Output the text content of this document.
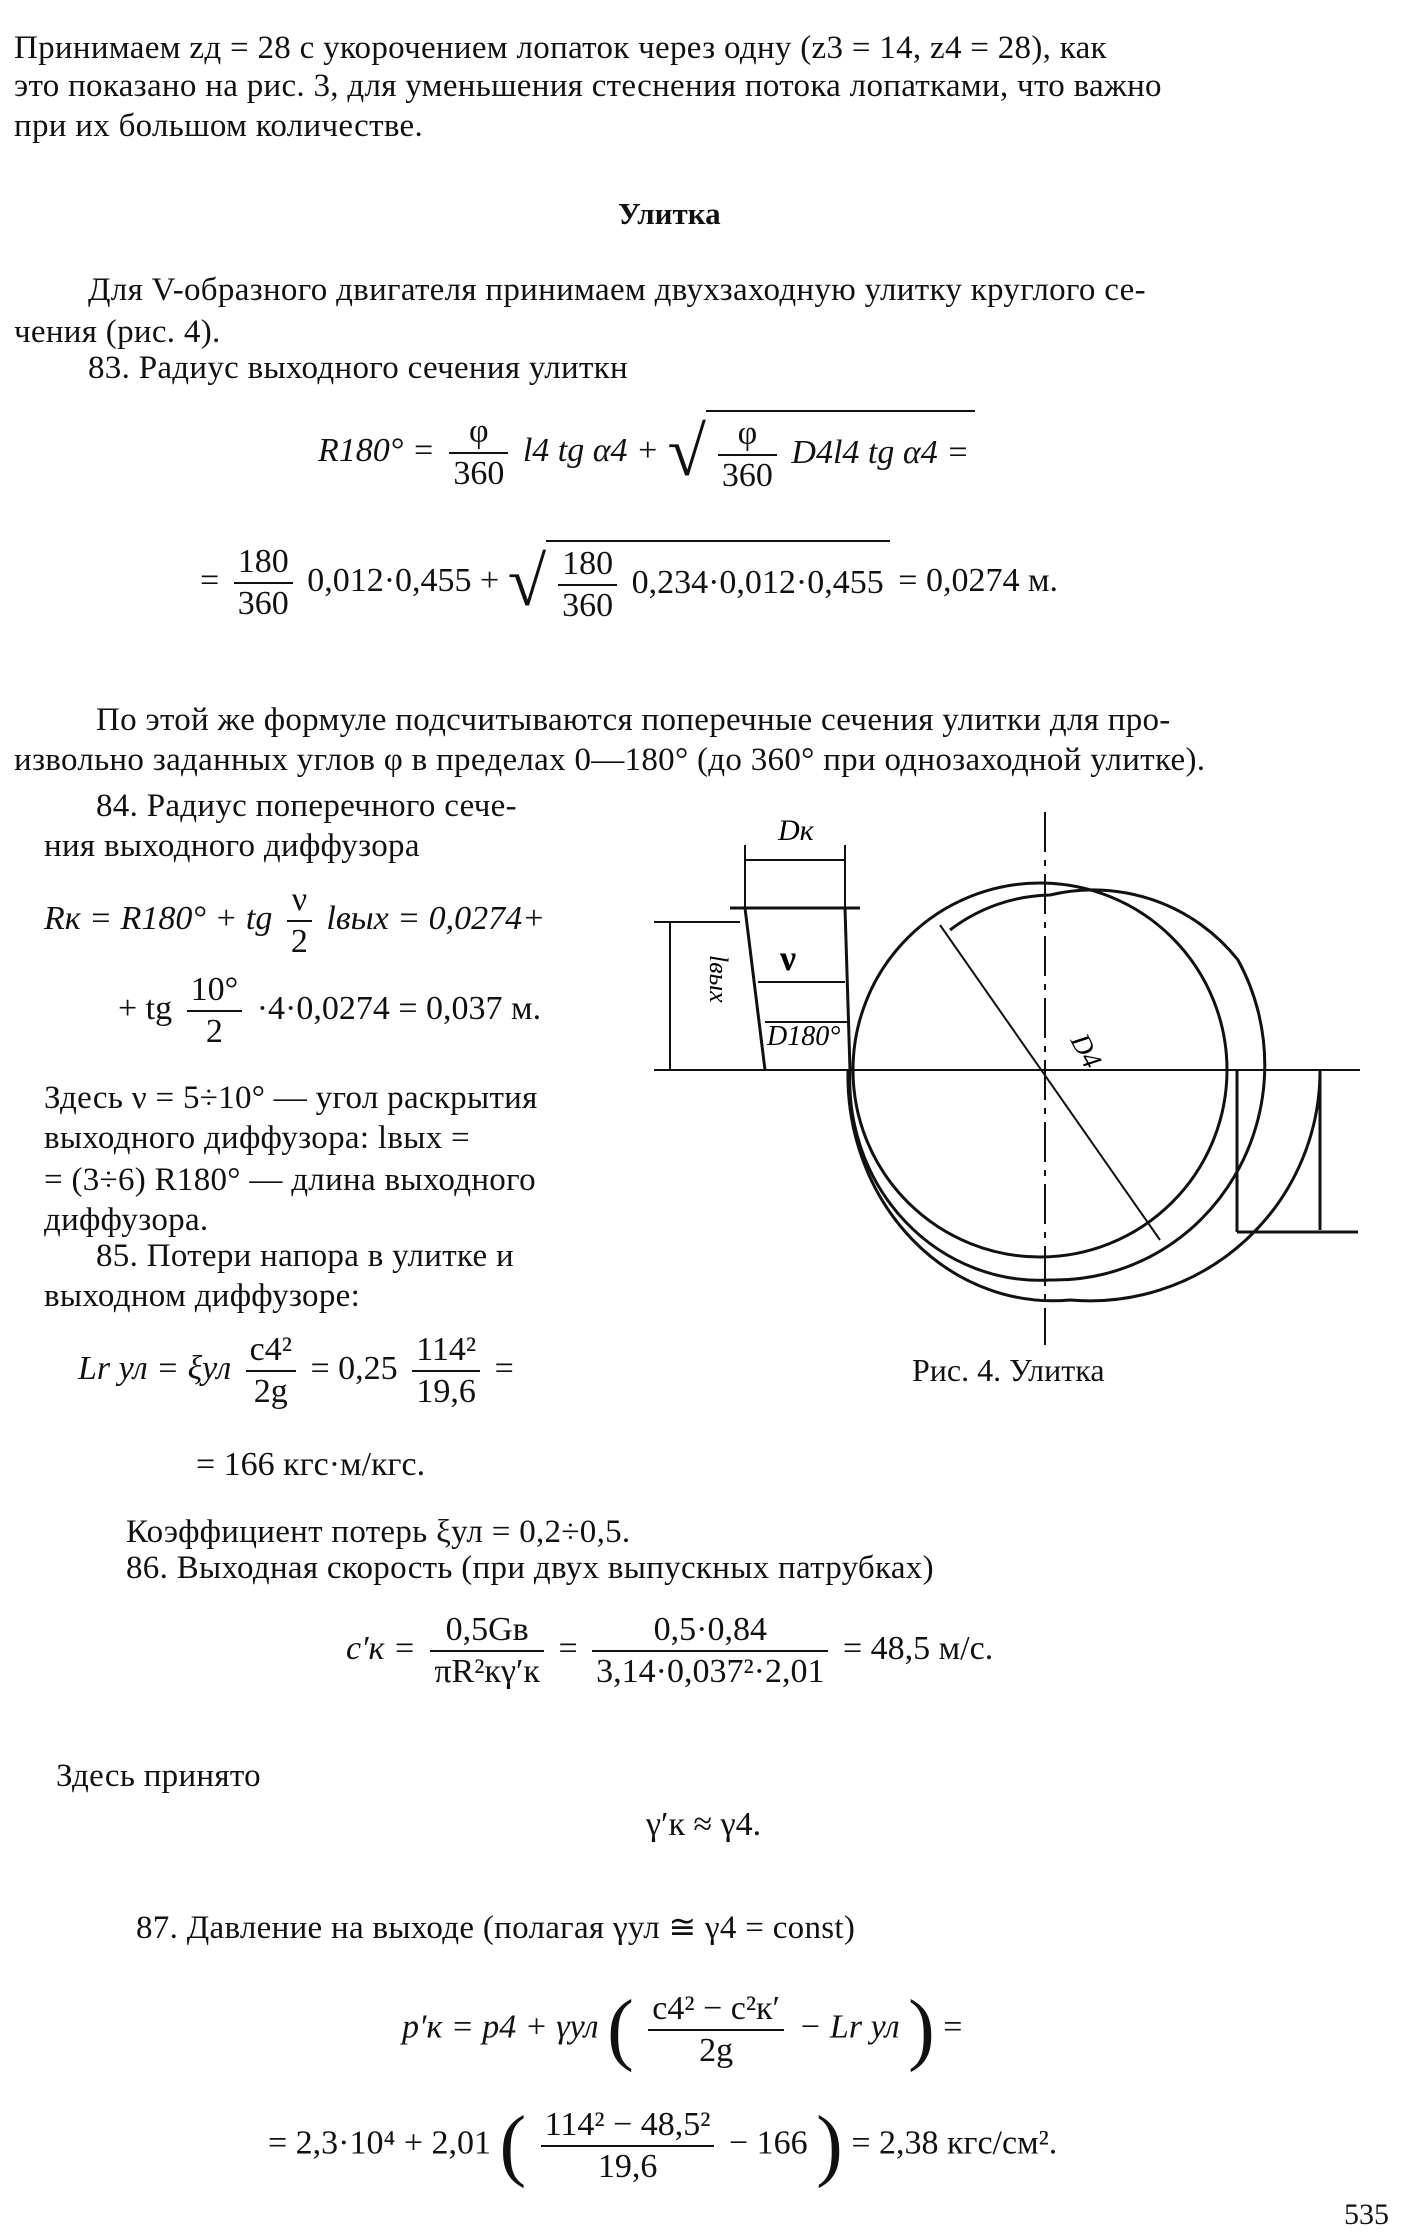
Принимаем zд = 28 с укорочением лопаток через одну (z3 = 14, z4 = 28), как

это показано на рис. 3, для уменьшения стеснения потока лопатками, что важно

при их большом количестве.

Улитка

Для V-образного двигателя принимаем двухзаходную улитку круглого се-

чения (рис. 4).

83. Радиус выходного сечения улиткн

$R180^\circ = \frac{\varphi}{360} l4$ tg α4 + √ $\frac{\varphi}{360} D4l4$ tg α4 =
= $\frac{180}{360} 0,012\cdot 0,455$ + √ $\frac{180}{360} 0,234\cdot 0,012\cdot 0,455 = 0,0274$ м.

По этой же формуле подсчитываются поперечные сечения улитки для про-

извольно заданных углов φ в пределах 0—180° (до 360° при однозаходной улитке).

84. Радиус поперечного сече-

ния выходного диффузора

Rк = R180° + tg $\frac{\nu}{2}$ lвых = 0,0274+
+ tg $\frac{10^\circ}{2} \cdot 4\cdot 0,0274 = 0,037$ м.

Здесь ν = 5÷10° — угол раскрытия

выходного диффузора: lвых =

= (3÷6) R180° — длина выходного

диффузора.

85. Потери напора в улитке и

выходном диффузоре:

Lr ул = ξул $\frac{\text{c4²}}{2g} = 0,25 \frac{\text{114²}}{19,6}$ =
= 166 кгс·м/кгс.
Dк
ν
D180°
lвых
D4
Рис. 4. Улитка

Коэффициент потерь ξул = 0,2÷0,5.

86. Выходная скорость (при двух выпускных патрубках)

c′к =
0,5Gв
πR²кγ′к
= $\frac{0,5\cdot 0,84}{\text{3,14·0,037²·2,01}} = 48,5$ м/с.

Здесь принято

γ′к ≈ γ4.

87. Давление на выходе (полагая γул ≅ γ4 = const)

p′к = p4 + γул ( c4² − c²к′
2g
− Lr ул ) =
= 2,3·10⁴ + 2,01 ( $\frac{\text{114² − 48,5²}}{19,6} - 166$ ) = 2,38 кгс/см².
535
